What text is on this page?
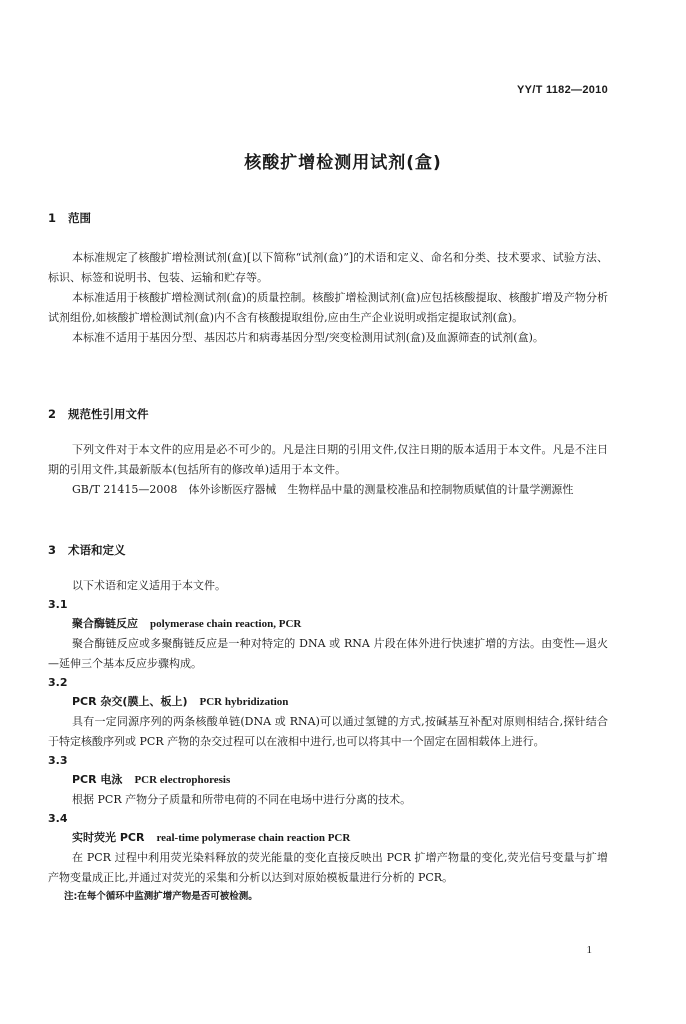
YY/T 1182—2010
核酸扩增检测用试剂(盒)
1 范围

本标准规定了核酸扩增检测试剂(盒)[以下简称“试剂(盒)”]的术语和定义、命名和分类、技术要求、试验方法、标识、标签和说明书、包装、运输和贮存等。

本标准适用于核酸扩增检测试剂(盒)的质量控制。核酸扩增检测试剂(盒)应包括核酸提取、核酸扩增及产物分析试剂组份,如核酸扩增检测试剂(盒)内不含有核酸提取组份,应由生产企业说明或指定提取试剂(盒)。

本标准不适用于基因分型、基因芯片和病毒基因分型/突变检测用试剂(盒)及血源筛查的试剂(盒)。

2 规范性引用文件

下列文件对于本文件的应用是必不可少的。凡是注日期的引用文件,仅注日期的版本适用于本文件。凡是不注日期的引用文件,其最新版本(包括所有的修改单)适用于本文件。

GB/T 21415—2008　体外诊断医疗器械　生物样品中量的测量校准品和控制物质赋值的计量学溯源性

3 术语和定义

以下术语和定义适用于本文件。

3.1
聚合酶链反应 polymerase chain reaction, PCR

聚合酶链反应或多聚酶链反应是一种对特定的 DNA 或 RNA 片段在体外进行快速扩增的方法。由变性—退火—延伸三个基本反应步骤构成。

3.2
PCR 杂交(膜上、板上) PCR hybridization

具有一定同源序列的两条核酸单链(DNA 或 RNA)可以通过氢键的方式,按碱基互补配对原则相结合,探针结合于特定核酸序列或 PCR 产物的杂交过程可以在液相中进行,也可以将其中一个固定在固相载体上进行。

3.3
PCR 电泳 PCR electrophoresis

根据 PCR 产物分子质量和所带电荷的不同在电场中进行分离的技术。

3.4
实时荧光 PCR real-time polymerase chain reaction PCR

在 PCR 过程中利用荧光染料释放的荧光能量的变化直接反映出 PCR 扩增产物量的变化,荧光信号变量与扩增产物变量成正比,并通过对荧光的采集和分析以达到对原始模板量进行分析的 PCR。

注:在每个循环中监测扩增产物是否可被检测。
1
